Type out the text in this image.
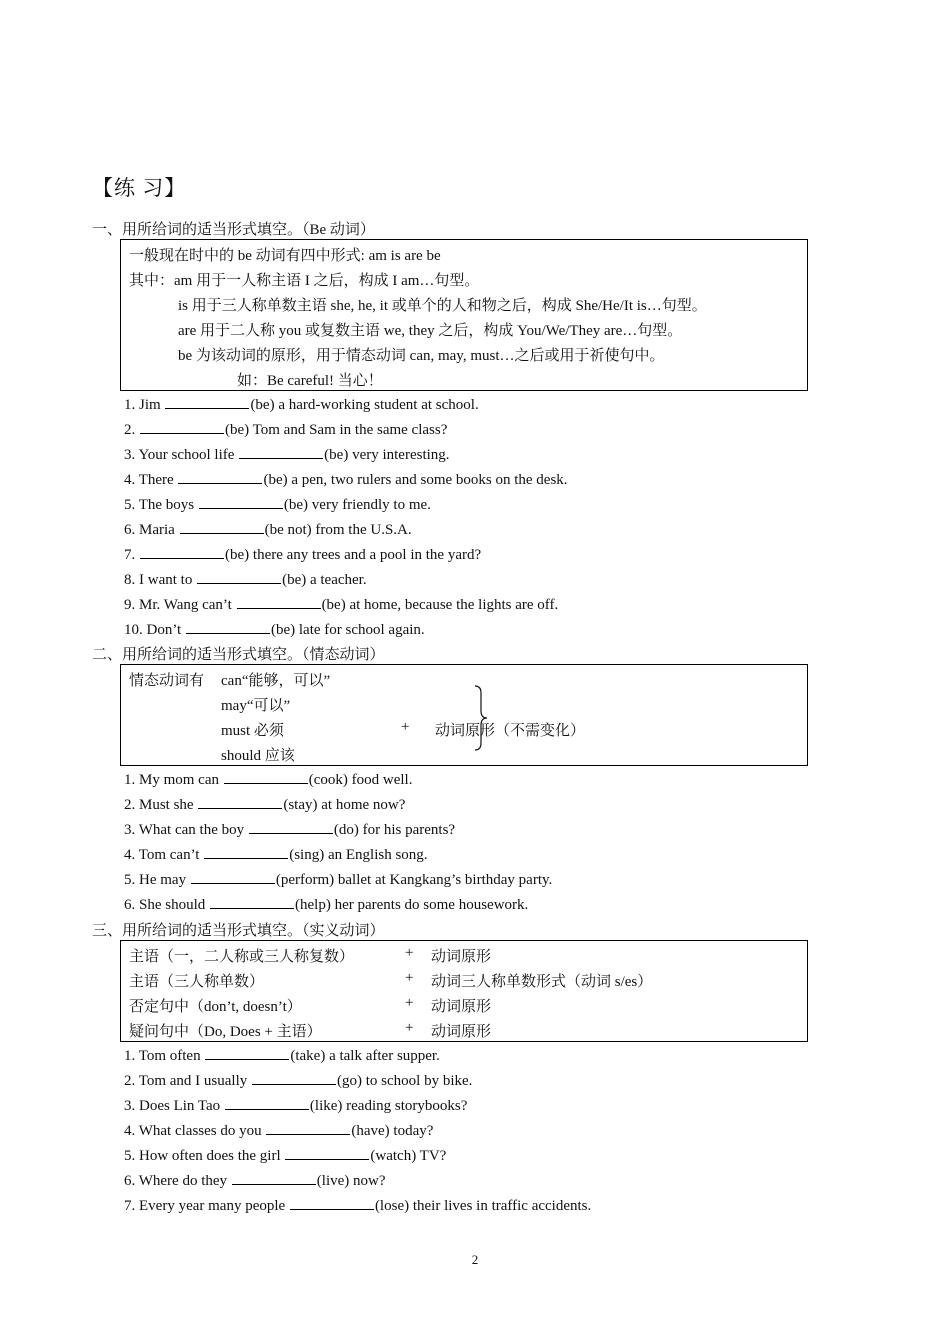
【练 习】
一、用所给词的适当形式填空。（Be 动词）
一般现在时中的 be 动词有四中形式: am is are be
其中：am 用于一人称主语 I 之后，构成 I am…句型。
is 用于三人称单数主语 she, he, it 或单个的人和物之后，构成 She/He/It is…句型。
are 用于二人称 you 或复数主语 we, they 之后，构成 You/We/They are…句型。
be 为该动词的原形，用于情态动词 can, may, must…之后或用于祈使句中。
如：Be careful! 当心！
1. Jim	(be) a hard-working student at school.
2.	(be) Tom and Sam in the same class?
3. Your school life	(be) very interesting.
4. There	(be) a pen, two rulers and some books on the desk.
5. The boys	(be) very friendly to me.
6. Maria	(be not) from the U.S.A.
7.	(be) there any trees and a pool in the yard?
8. I want to	(be) a teacher.
9. Mr. Wang can’t	(be) at home, because the lights are off.
10. Don’t	(be) late for school again.
二、用所给词的适当形式填空。（情态动词）
情态动词有 can“能够，可以”
may“可以”
must 必须
should 应该
+ 动词原形（不需变化）
1. My mom can	(cook) food well.
2. Must she	(stay) at home now?
3. What can the boy	(do) for his parents?
4. Tom can’t	(sing) an English song.
5. He may	(perform) ballet at Kangkang’s birthday party.
6. She should	(help) her parents do some housework.
三、用所给词的适当形式填空。（实义动词）
主语（一，二人称或三人称复数）	+ 动词原形
主语（三人称单数）	+ 动词三人称单数形式（动词 s/es）
否定句中（don’t, doesn’t）	+ 动词原形
疑问句中（Do, Does + 主语）	+ 动词原形
1. Tom often	(take) a talk after supper.
2. Tom and I usually	(go) to school by bike.
3. Does Lin Tao	(like) reading storybooks?
4. What classes do you	(have) today?
5. How often does the girl	(watch) TV?
6. Where do they	(live) now?
7. Every year many people	(lose) their lives in traffic accidents.
2
